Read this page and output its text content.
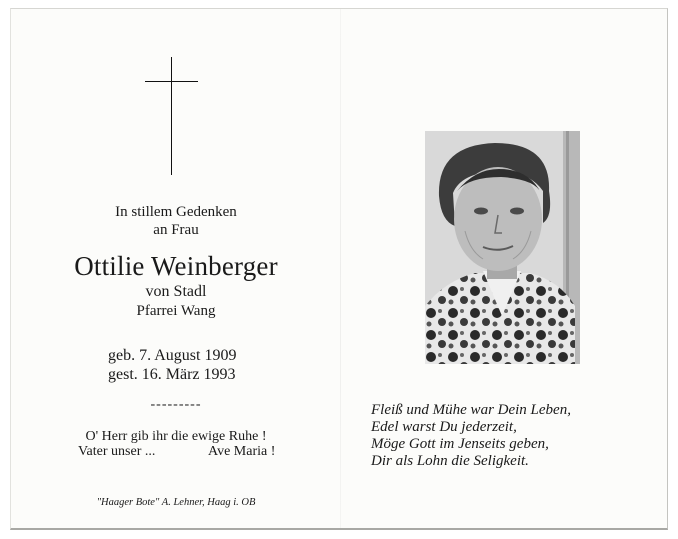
In stillem Gedenken
an Frau
Ottilie Weinberger
von Stadl
Pfarrei Wang
geb. 7. August 1909
gest. 16. März 1993
---------
O' Herr gib ihr die ewige Ruhe !
Vater unser ...	Ave Maria !
"Haager Bote" A. Lehner, Haag i. OB
Fleiß und Mühe war Dein Leben,
Edel warst Du jederzeit,
Möge Gott im Jenseits geben,
Dir als Lohn die Seligkeit.
